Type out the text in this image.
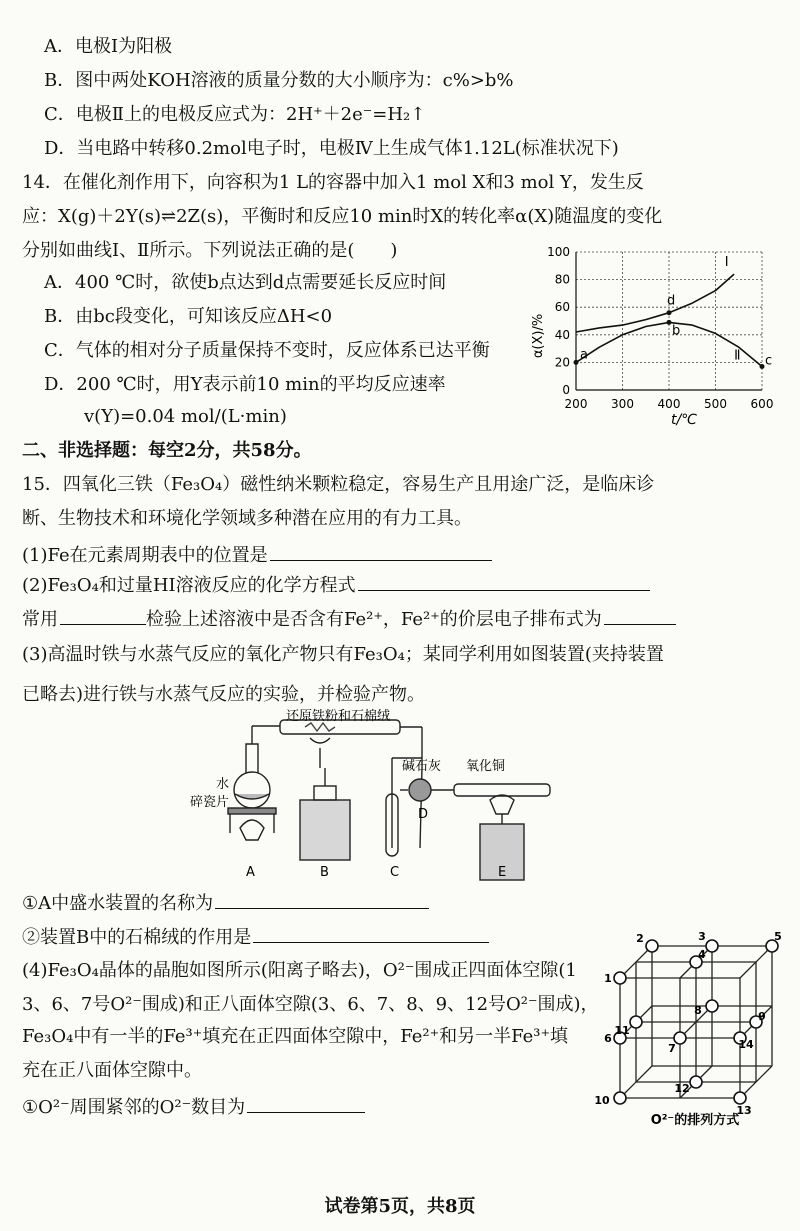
A．电极Ⅰ为阳极
B．图中两处KOH溶液的质量分数的大小顺序为：c%>b%
C．电极Ⅱ上的电极反应式为：2H⁺＋2e⁻=H₂↑
D．当电路中转移0.2mol电子时，电极Ⅳ上生成气体1.12L(标准状况下)
14．在催化剂作用下，向容积为1 L的容器中加入1 mol X和3 mol Y，发生反
应：X(g)＋2Y(s)⇌2Z(s)，平衡时和反应10 min时X的转化率α(X)随温度的变化
分别如曲线Ⅰ、Ⅱ所示。下列说法正确的是(　　)
A．400 ℃时，欲使b点达到d点需要延长反应时间
B．由bc段变化，可知该反应ΔH<0
C．气体的相对分子质量保持不变时，反应体系已达平衡
D．200 ℃时，用Y表示前10 min的平均反应速率
v(Y)=0.04 mol/(L·min)
0
20
40
60
80
100
200 300 400 500 600
Ⅰ
Ⅱ
a
d
b
c
α(X)/%
t/℃
二、非选择题：每空2分，共58分。
15．四氧化三铁（Fe₃O₄）磁性纳米颗粒稳定，容易生产且用途广泛，是临床诊
断、生物技术和环境化学领域多种潜在应用的有力工具。
(1)Fe在元素周期表中的位置是
(2)Fe₃O₄和过量HI溶液反应的化学方程式
常用	检验上述溶液中是否含有Fe²⁺，Fe²⁺的价层电子排布式为
(3)高温时铁与水蒸气反应的氧化产物只有Fe₃O₄；某同学利用如图装置(夹持装置
已略去)进行铁与水蒸气反应的实验，并检验产物。
还原铁粉和石棉绒
水
碎瓷片
碱石灰 氧化铜
D
A	B	C	E
①A中盛水装置的名称为
②装置B中的石棉绒的作用是
(4)Fe₃O₄晶体的晶胞如图所示(阳离子略去)，O²⁻围成正四面体空隙(1
3、6、7号O²⁻围成)和正八面体空隙(3、6、7、8、9、12号O²⁻围成)，
Fe₃O₄中有一半的Fe³⁺填充在正四面体空隙中，Fe²⁺和另一半Fe³⁺填
充在正八面体空隙中。
①O²⁻周围紧邻的O²⁻数目为
1
2	3
4
5
6
7
8	9
10
11
12
13
14
O²⁻的排列方式
试卷第5页，共8页
